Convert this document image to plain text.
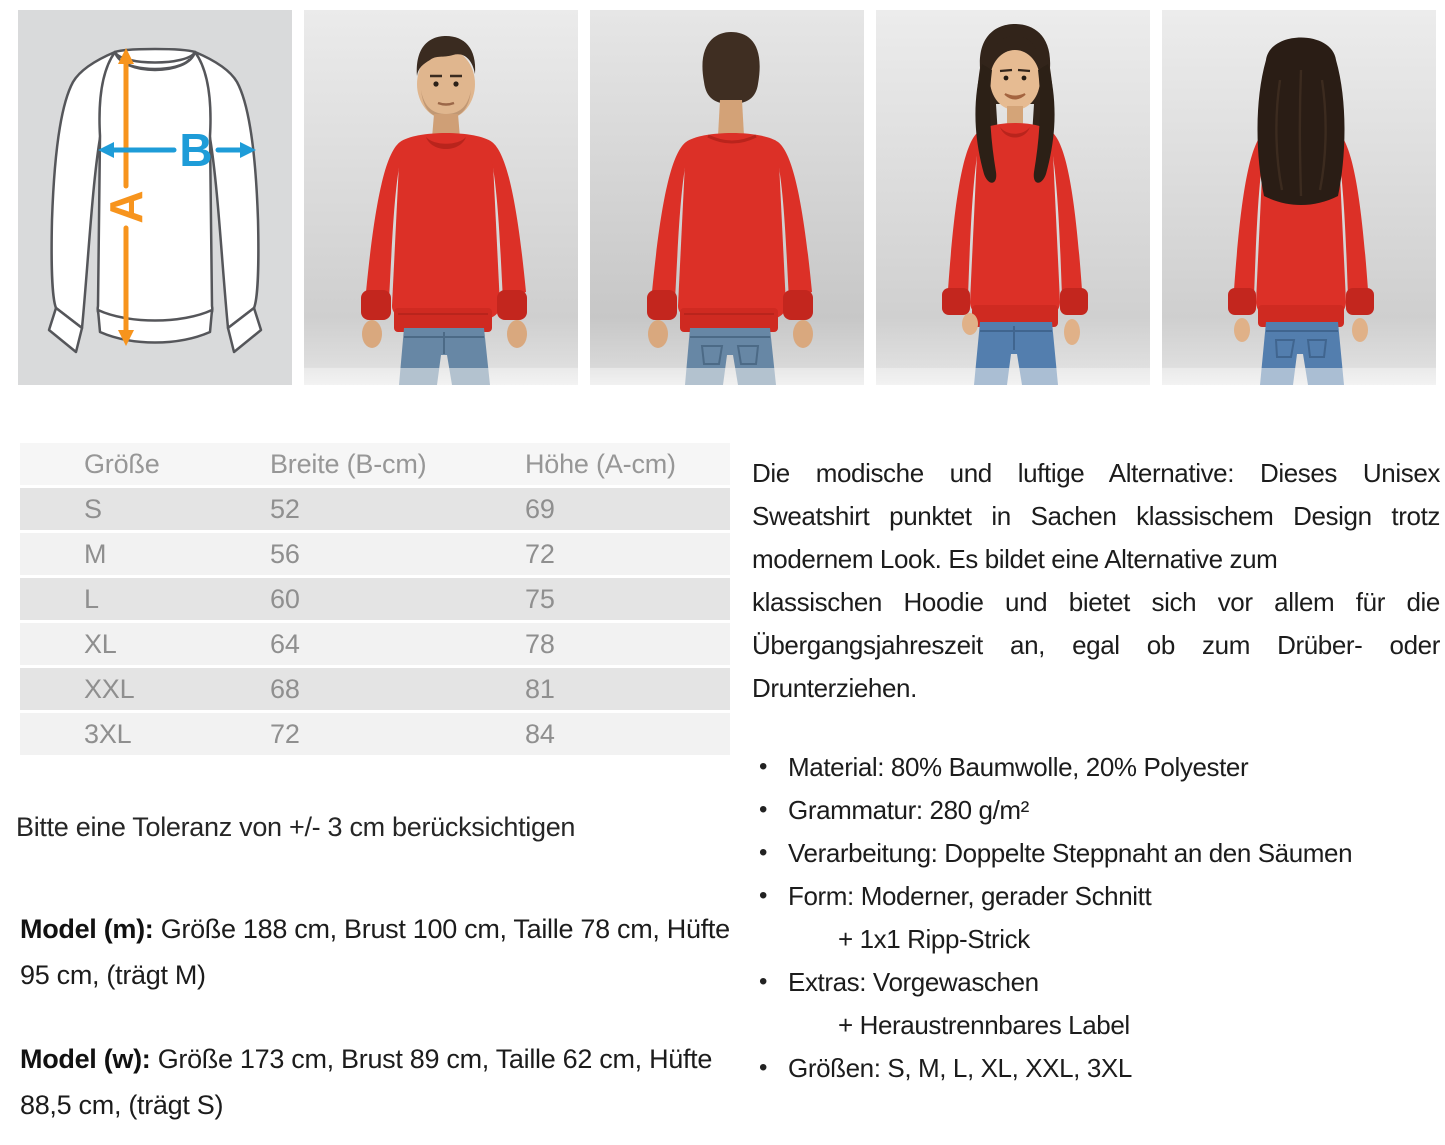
A
B
Größe	Breite (B-cm)	Höhe (A-cm)
S	52	69
M	56	72
L	60	75
XL	64	78
XXL	68	81
3XL	72	84

Bitte eine Toleranz von +/- 3 cm berücksichtigen

Model (m): Größe 188 cm, Brust 100 cm, Taille 78 cm, Hüfte 95 cm, (trägt M)

Model (w): Größe 173 cm, Brust 89 cm, Taille 62 cm, Hüfte 88,5 cm, (trägt S)

Die modische und luftige Alternative: Dieses Unisex
Sweatshirt punktet in Sachen klassischem Design trotz
modernem Look. Es bildet eine Alternative zum
klassischen Hoodie und bietet sich vor allem für die
Übergangsjahreszeit an, egal ob zum Drüber- oder
Drunterziehen.
• Material: 80% Baumwolle, 20% Polyester
• Grammatur: 280 g/m²
• Verarbeitung: Doppelte Steppnaht an den Säumen
• Form: Moderner, gerader Schnitt
+ 1x1 Ripp-Strick
• Extras: Vorgewaschen
+ Heraustrennbares Label
• Größen: S, M, L, XL, XXL, 3XL
